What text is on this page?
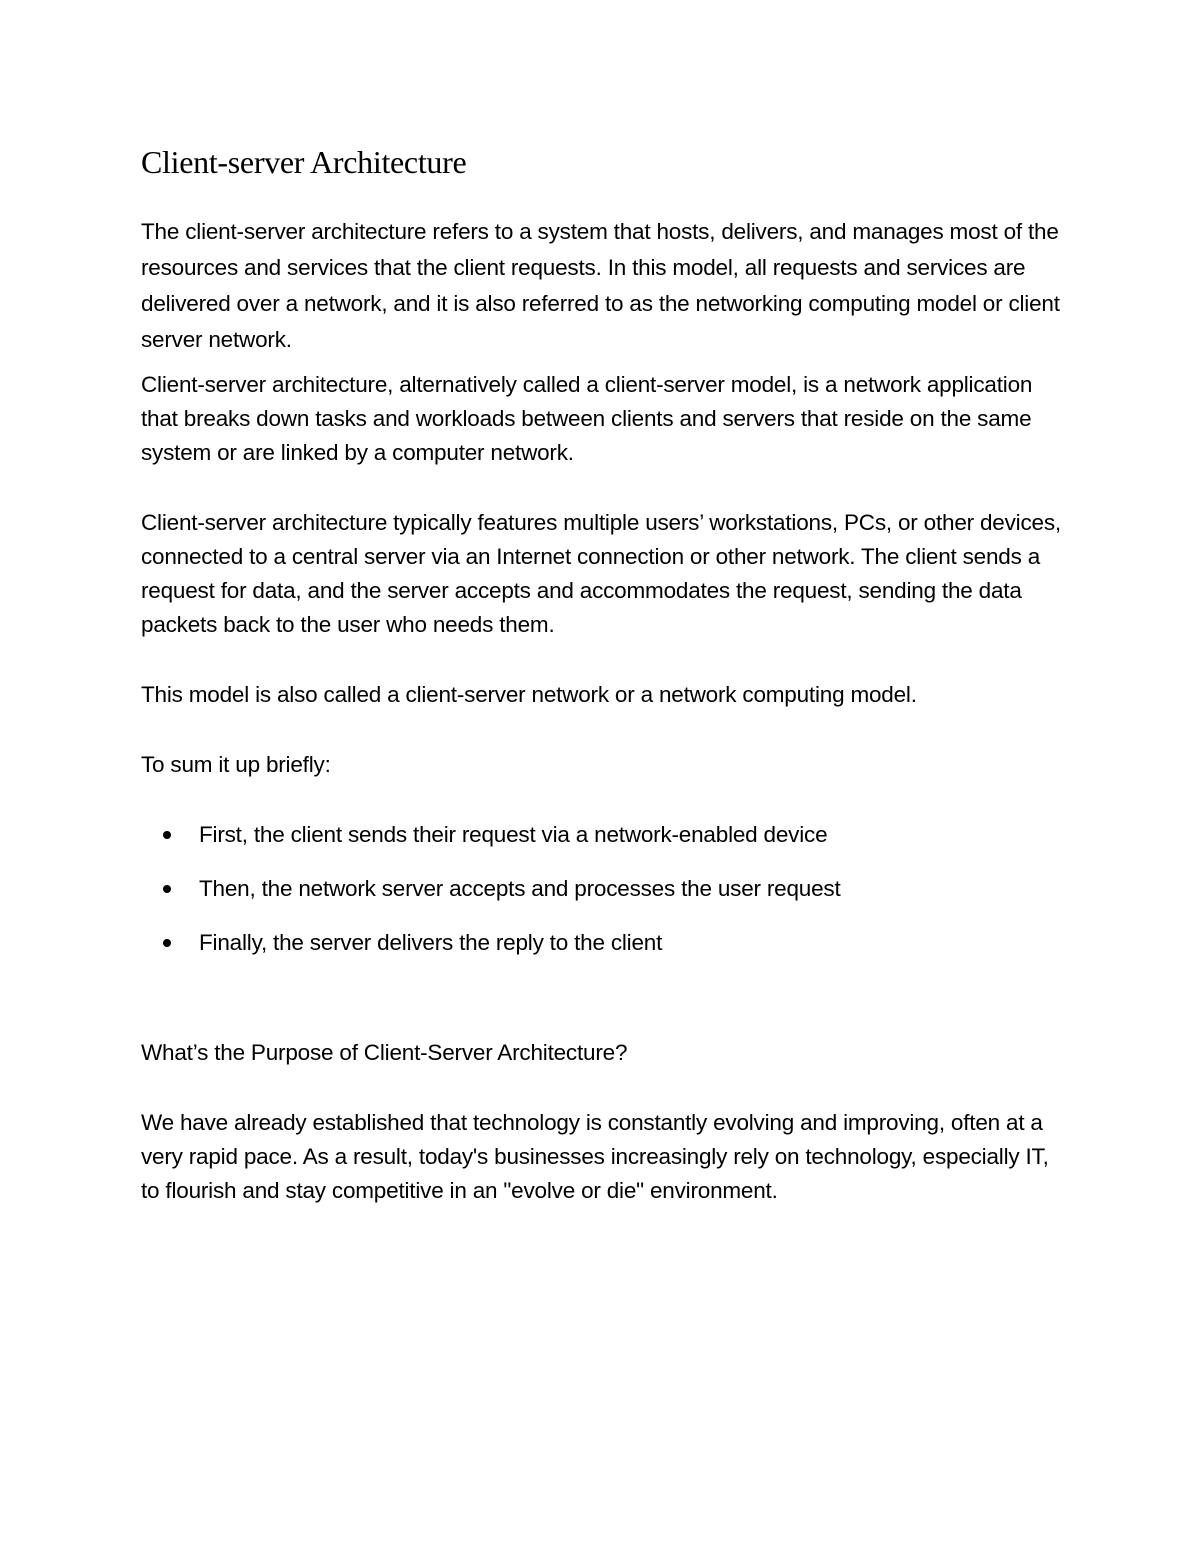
Client-server Architecture

The client-server architecture refers to a system that hosts, delivers, and manages most of the resources and services that the client requests. In this model, all requests and services are delivered over a network, and it is also referred to as the networking computing model or client server network.

Client-server architecture, alternatively called a client-server model, is a network application that breaks down tasks and workloads between clients and servers that reside on the same system or are linked by a computer network.

Client-server architecture typically features multiple users’ workstations, PCs, or other devices, connected to a central server via an Internet connection or other network. The client sends a request for data, and the server accepts and accommodates the request, sending the data packets back to the user who needs them.

This model is also called a client-server network or a network computing model.

To sum it up briefly:

First, the client sends their request via a network-enabled device
Then, the network server accepts and processes the user request
Finally, the server delivers the reply to the client
What’s the Purpose of Client-Server Architecture?

We have already established that technology is constantly evolving and improving, often at a very rapid pace. As a result, today's businesses increasingly rely on technology, especially IT, to flourish and stay competitive in an "evolve or die" environment.
